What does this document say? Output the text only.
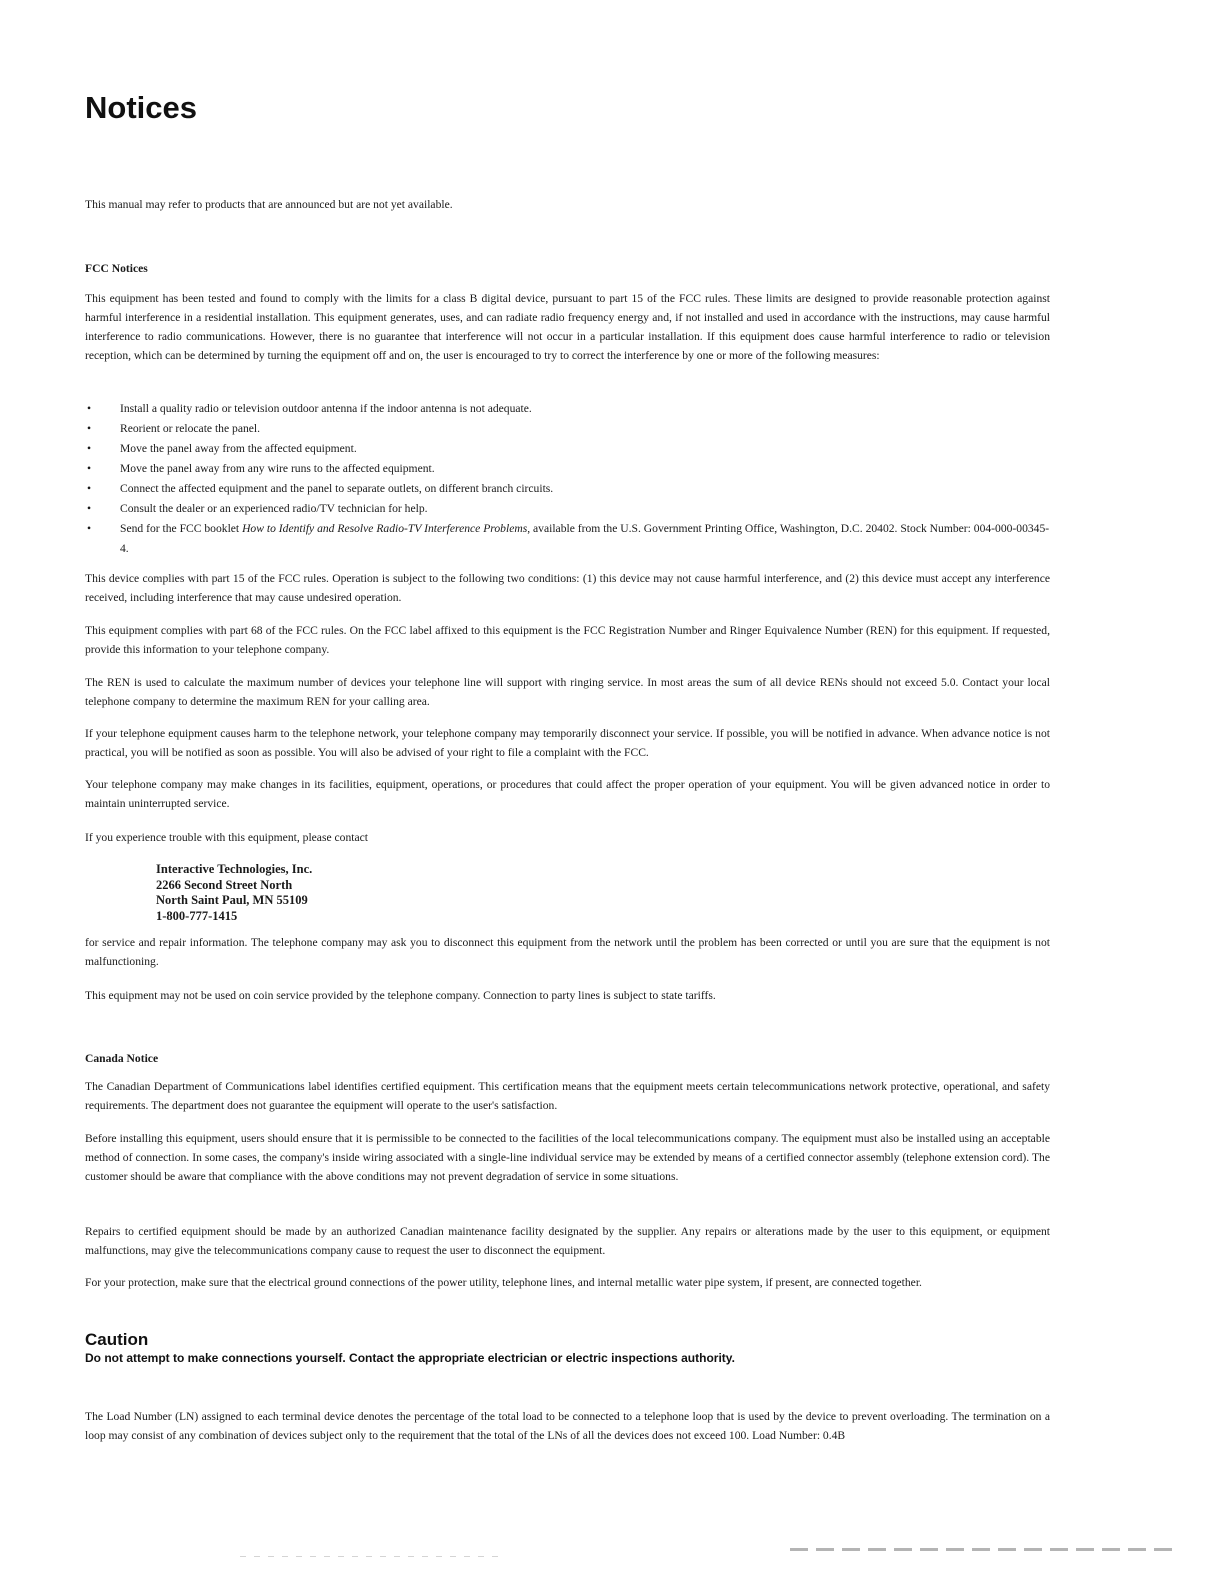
Notices

This manual may refer to products that are announced but are not yet available.

FCC Notices

This equipment has been tested and found to comply with the limits for a class B digital device, pursuant to part 15 of the FCC rules. These limits are designed to provide reasonable protection against harmful interference in a residential installation. This equipment generates, uses, and can radiate radio frequency energy and, if not installed and used in accordance with the instructions, may cause harmful interference to radio communications. However, there is no guarantee that interference will not occur in a particular installation. If this equipment does cause harmful interference to radio or television reception, which can be determined by turning the equipment off and on, the user is encouraged to try to correct the interference by one or more of the following measures:

• Install a quality radio or television outdoor antenna if the indoor antenna is not adequate.
• Reorient or relocate the panel.
• Move the panel away from the affected equipment.
• Move the panel away from any wire runs to the affected equipment.
• Connect the affected equipment and the panel to separate outlets, on different branch circuits.
• Consult the dealer or an experienced radio/TV technician for help.
• Send for the FCC booklet How to Identify and Resolve Radio-TV Interference Problems, available from the U.S. Government Printing Office, Washington, D.C. 20402. Stock Number: 004-000-00345-4.

This device complies with part 15 of the FCC rules. Operation is subject to the following two conditions: (1) this device may not cause harmful interference, and (2) this device must accept any interference received, including interference that may cause undesired operation.

This equipment complies with part 68 of the FCC rules. On the FCC label affixed to this equipment is the FCC Registration Number and Ringer Equivalence Number (REN) for this equipment. If requested, provide this information to your telephone company.

The REN is used to calculate the maximum number of devices your telephone line will support with ringing service. In most areas the sum of all device RENs should not exceed 5.0. Contact your local telephone company to determine the maximum REN for your calling area.

If your telephone equipment causes harm to the telephone network, your telephone company may temporarily disconnect your service. If possible, you will be notified in advance. When advance notice is not practical, you will be notified as soon as possible. You will also be advised of your right to file a complaint with the FCC.

Your telephone company may make changes in its facilities, equipment, operations, or procedures that could affect the proper operation of your equipment. You will be given advanced notice in order to maintain uninterrupted service.

If you experience trouble with this equipment, please contact

Interactive Technologies, Inc.
2266 Second Street North
North Saint Paul, MN 55109
1-800-777-1415

for service and repair information. The telephone company may ask you to disconnect this equipment from the network until the problem has been corrected or until you are sure that the equipment is not malfunctioning.

This equipment may not be used on coin service provided by the telephone company. Connection to party lines is subject to state tariffs.

Canada Notice

The Canadian Department of Communications label identifies certified equipment. This certification means that the equipment meets certain telecommunications network protective, operational, and safety requirements. The department does not guarantee the equipment will operate to the user's satisfaction.

Before installing this equipment, users should ensure that it is permissible to be connected to the facilities of the local telecommunications company. The equipment must also be installed using an acceptable method of connection. In some cases, the company's inside wiring associated with a single-line individual service may be extended by means of a certified connector assembly (telephone extension cord). The customer should be aware that compliance with the above conditions may not prevent degradation of service in some situations.

Repairs to certified equipment should be made by an authorized Canadian maintenance facility designated by the supplier. Any repairs or alterations made by the user to this equipment, or equipment malfunctions, may give the telecommunications company cause to request the user to disconnect the equipment.

For your protection, make sure that the electrical ground connections of the power utility, telephone lines, and internal metallic water pipe system, if present, are connected together.

Caution

Do not attempt to make connections yourself. Contact the appropriate electrician or electric inspections authority.

The Load Number (LN) assigned to each terminal device denotes the percentage of the total load to be connected to a telephone loop that is used by the device to prevent overloading. The termination on a loop may consist of any combination of devices subject only to the requirement that the total of the LNs of all the devices does not exceed 100. Load Number: 0.4B
